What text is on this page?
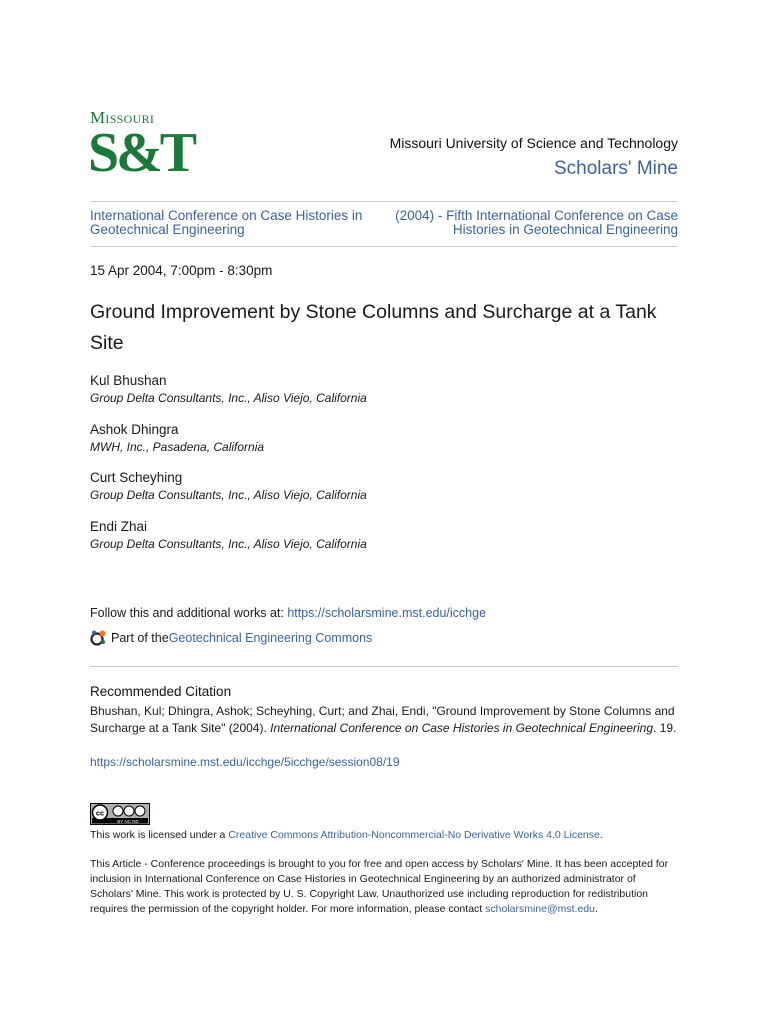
Missouri
S&T	Missouri University of Science and Technology
Scholars' Mine
International Conference on Case Histories in Geotechnical Engineering
(2004) - Fifth International Conference on Case Histories in Geotechnical Engineering
15 Apr 2004, 7:00pm - 8:30pm
Ground Improvement by Stone Columns and Surcharge at a Tank Site
Kul Bhushan
Group Delta Consultants, Inc., Aliso Viejo, California
Ashok Dhingra
MWH, Inc., Pasadena, California
Curt Scheyhing
Group Delta Consultants, Inc., Aliso Viejo, California
Endi Zhai
Group Delta Consultants, Inc., Aliso Viejo, California
Follow this and additional works at: https://scholarsmine.mst.edu/icchge
Part of the Geotechnical Engineering Commons
Recommended Citation
Bhushan, Kul; Dhingra, Ashok; Scheyhing, Curt; and Zhai, Endi, "Ground Improvement by Stone Columns and Surcharge at a Tank Site" (2004). International Conference on Case Histories in Geotechnical Engineering. 19.
https://scholarsmine.mst.edu/icchge/5icchge/session08/19
cc
BY NC ND
This work is licensed under a Creative Commons Attribution-Noncommercial-No Derivative Works 4.0 License.
This Article - Conference proceedings is brought to you for free and open access by Scholars' Mine. It has been accepted for inclusion in International Conference on Case Histories in Geotechnical Engineering by an authorized administrator of Scholars' Mine. This work is protected by U. S. Copyright Law. Unauthorized use including reproduction for redistribution requires the permission of the copyright holder. For more information, please contact scholarsmine@mst.edu.
